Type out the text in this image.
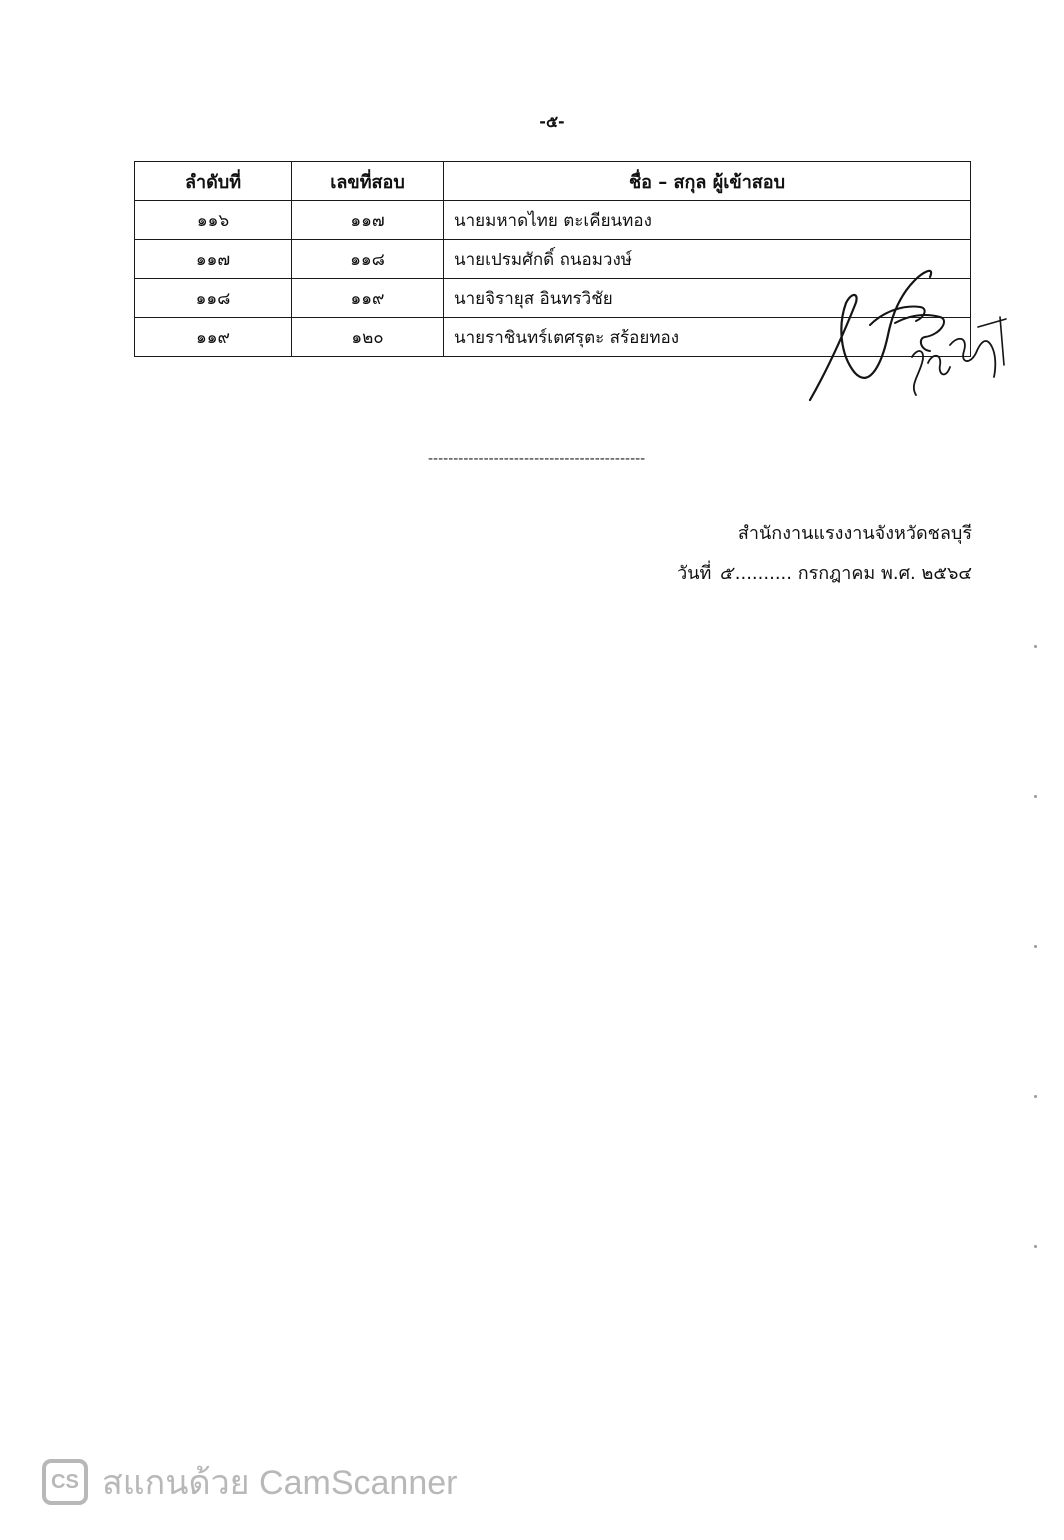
-๕-
ลำดับที่	เลขที่สอบ	ชื่อ – สกุล ผู้เข้าสอบ
๑๑๖	๑๑๗	นายมหาดไทย ตะเคียนทอง
๑๑๗	๑๑๘	นายเปรมศักดิ์ ถนอมวงษ์
๑๑๘	๑๑๙	นายจิรายุส อินทรวิชัย
๑๑๙	๑๒๐	นายราชินทร์เตศรุตะ สร้อยทอง
-------------------------------------------
สำนักงานแรงงานจังหวัดชลบุรี
วันที่ ๕ .......... กรกฎาคม พ.ศ. ๒๕๖๔
CS สแกนด้วย CamScanner
